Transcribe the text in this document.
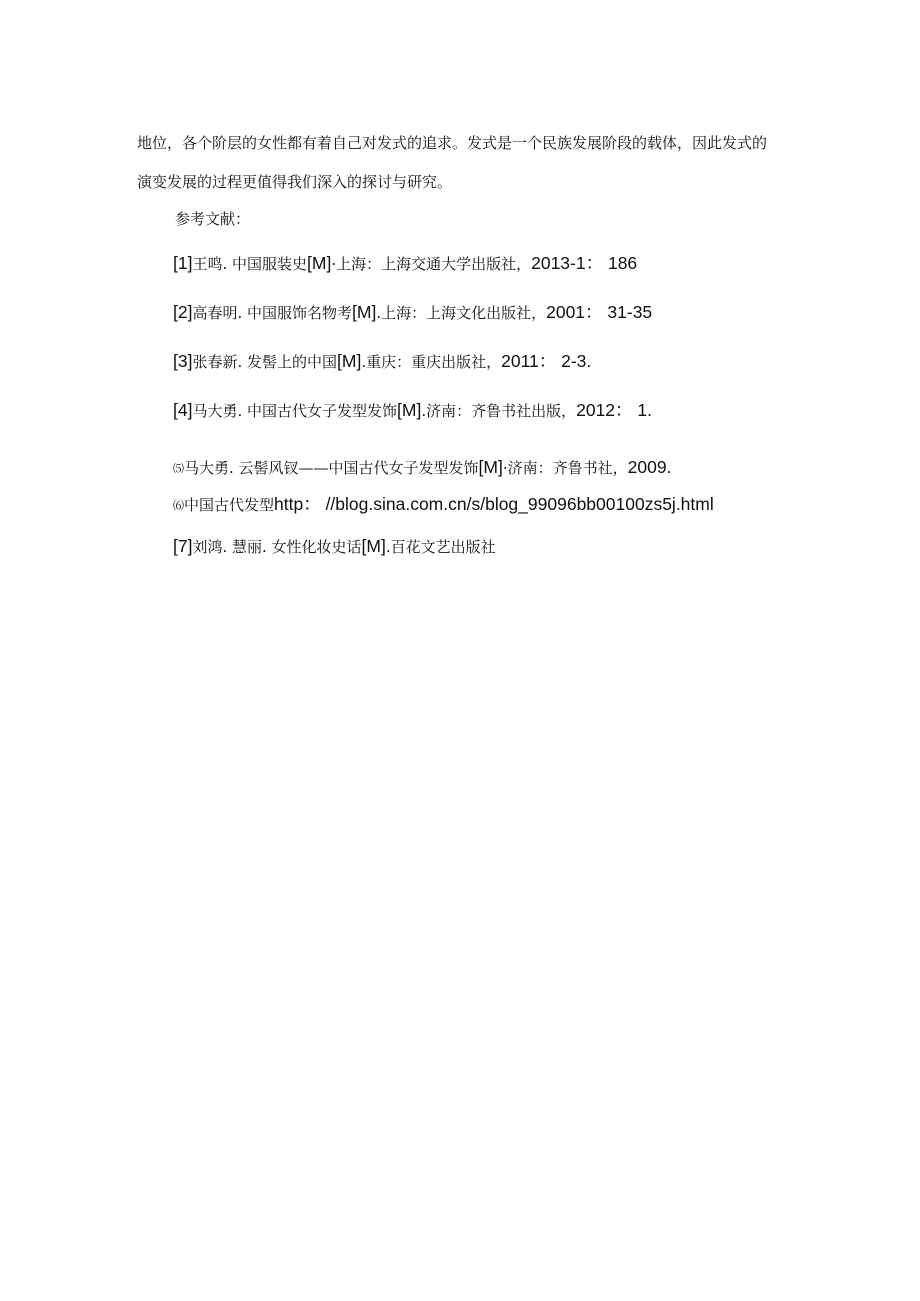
地位，各个阶层的女性都有着自己对发式的追求。发式是一个民族发展阶段的载体，因此发式的
演变发展的过程更值得我们深入的探讨与研究。
参考文献：
[1]王鸣. 中国服装史[M]·上海：上海交通大学出版社，2013-1： 186
[2]高春明. 中国服饰名物考[M].上海：上海文化出版社，2001： 31-35
[3]张春新. 发髻上的中国[M].重庆：重庆出版社，2011： 2-3.
[4]马大勇. 中国古代女子发型发饰[M].济南：齐鲁书社出版，2012： 1.
⑸马大勇. 云髻风钗——中国古代女子发型发饰[M]·济南：齐鲁书社，2009.
⑹中国古代发型http： //blog.sina.com.cn/s/blog_99096bb00100zs5j.html
[7]刘鸿. 慧丽. 女性化妆史话[M].百花文艺出版社
